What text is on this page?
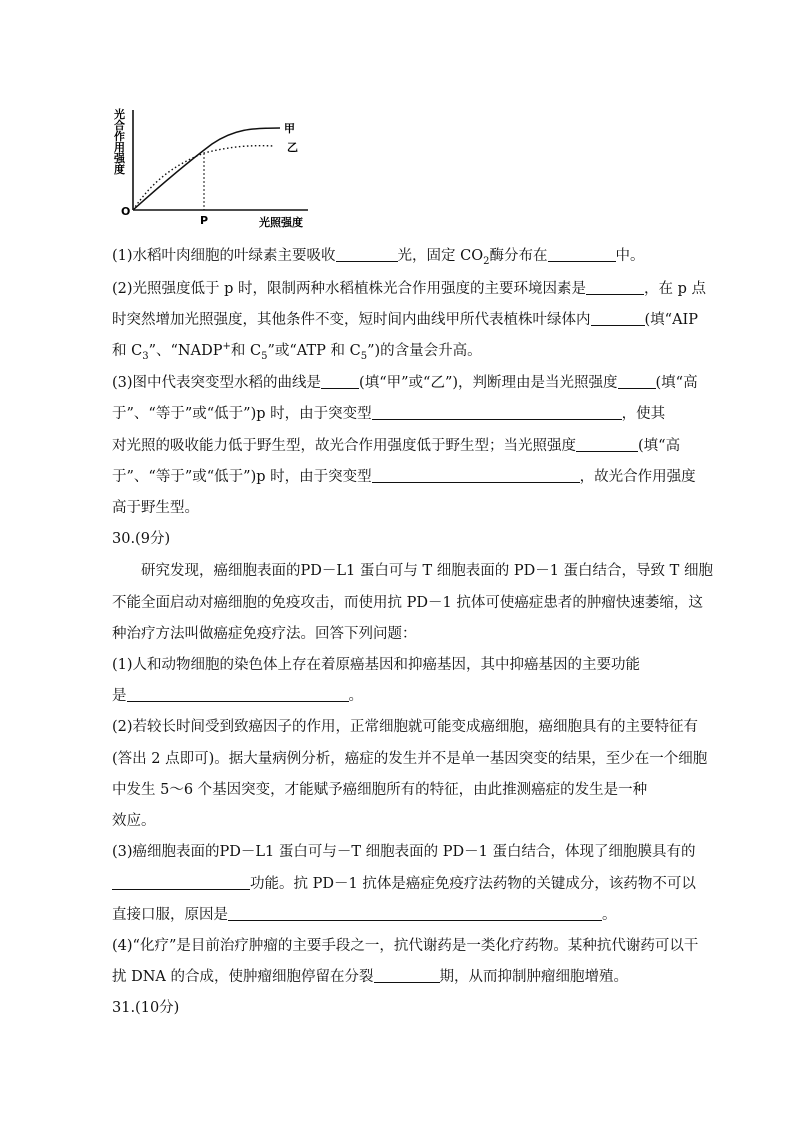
光
合
作
用
强
度
O
P	光照强度
甲
乙
(1)水稻叶肉细胞的叶绿素主要吸收	光，固定 $CO_2$酶分布在	中。
(2)光照强度低于 p 时，限制两种水稻植株光合作用强度的主要环境因素是	，在 p 点
时突然增加光照强度，其他条件不变，短时间内曲线甲所代表植株叶绿体内	(填“AIP
和 $C_3$”、“NADP+和 $C_5$”或“ATP 和 $C_5$”)的含量会升高。
(3)图中代表突变型水稻的曲线是	(填“甲”或“乙”)，判断理由是当光照强度	(填“高
于”、“等于”或“低于”)p 时，由于突变型	，使其
对光照的吸收能力低于野生型，故光合作用强度低于野生型；当光照强度	(填“高
于”、“等于”或“低于”)p 时，由于突变型	，故光合作用强度
高于野生型。
30.(9分)
研究发现，癌细胞表面的PD－L1 蛋白可与 T 细胞表面的 PD－1 蛋白结合，导致 T 细胞
不能全面启动对癌细胞的免疫攻击，而使用抗 PD－1 抗体可使癌症患者的肿瘤快速萎缩，这
种治疗方法叫做癌症免疫疗法。回答下列问题：
(1)人和动物细胞的染色体上存在着原癌基因和抑癌基因，其中抑癌基因的主要功能
是	。
(2)若较长时间受到致癌因子的作用，正常细胞就可能变成癌细胞，癌细胞具有的主要特征有
(答出 2 点即可)。据大量病例分析，癌症的发生并不是单一基因突变的结果，至少在一个细胞
中发生 5～6 个基因突变，才能赋予癌细胞所有的特征，由此推测癌症的发生是一种
效应。
(3)癌细胞表面的PD－L1 蛋白可与－T 细胞表面的 PD－1 蛋白结合，体现了细胞膜具有的
功能。抗 PD－1 抗体是癌症免疫疗法药物的关键成分，该药物不可以
直接口服，原因是	。
(4)“化疗”是目前治疗肿瘤的主要手段之一，抗代谢药是一类化疗药物。某种抗代谢药可以干
扰 DNA 的合成，使肿瘤细胞停留在分裂	期，从而抑制肿瘤细胞增殖。
31.(10分)
